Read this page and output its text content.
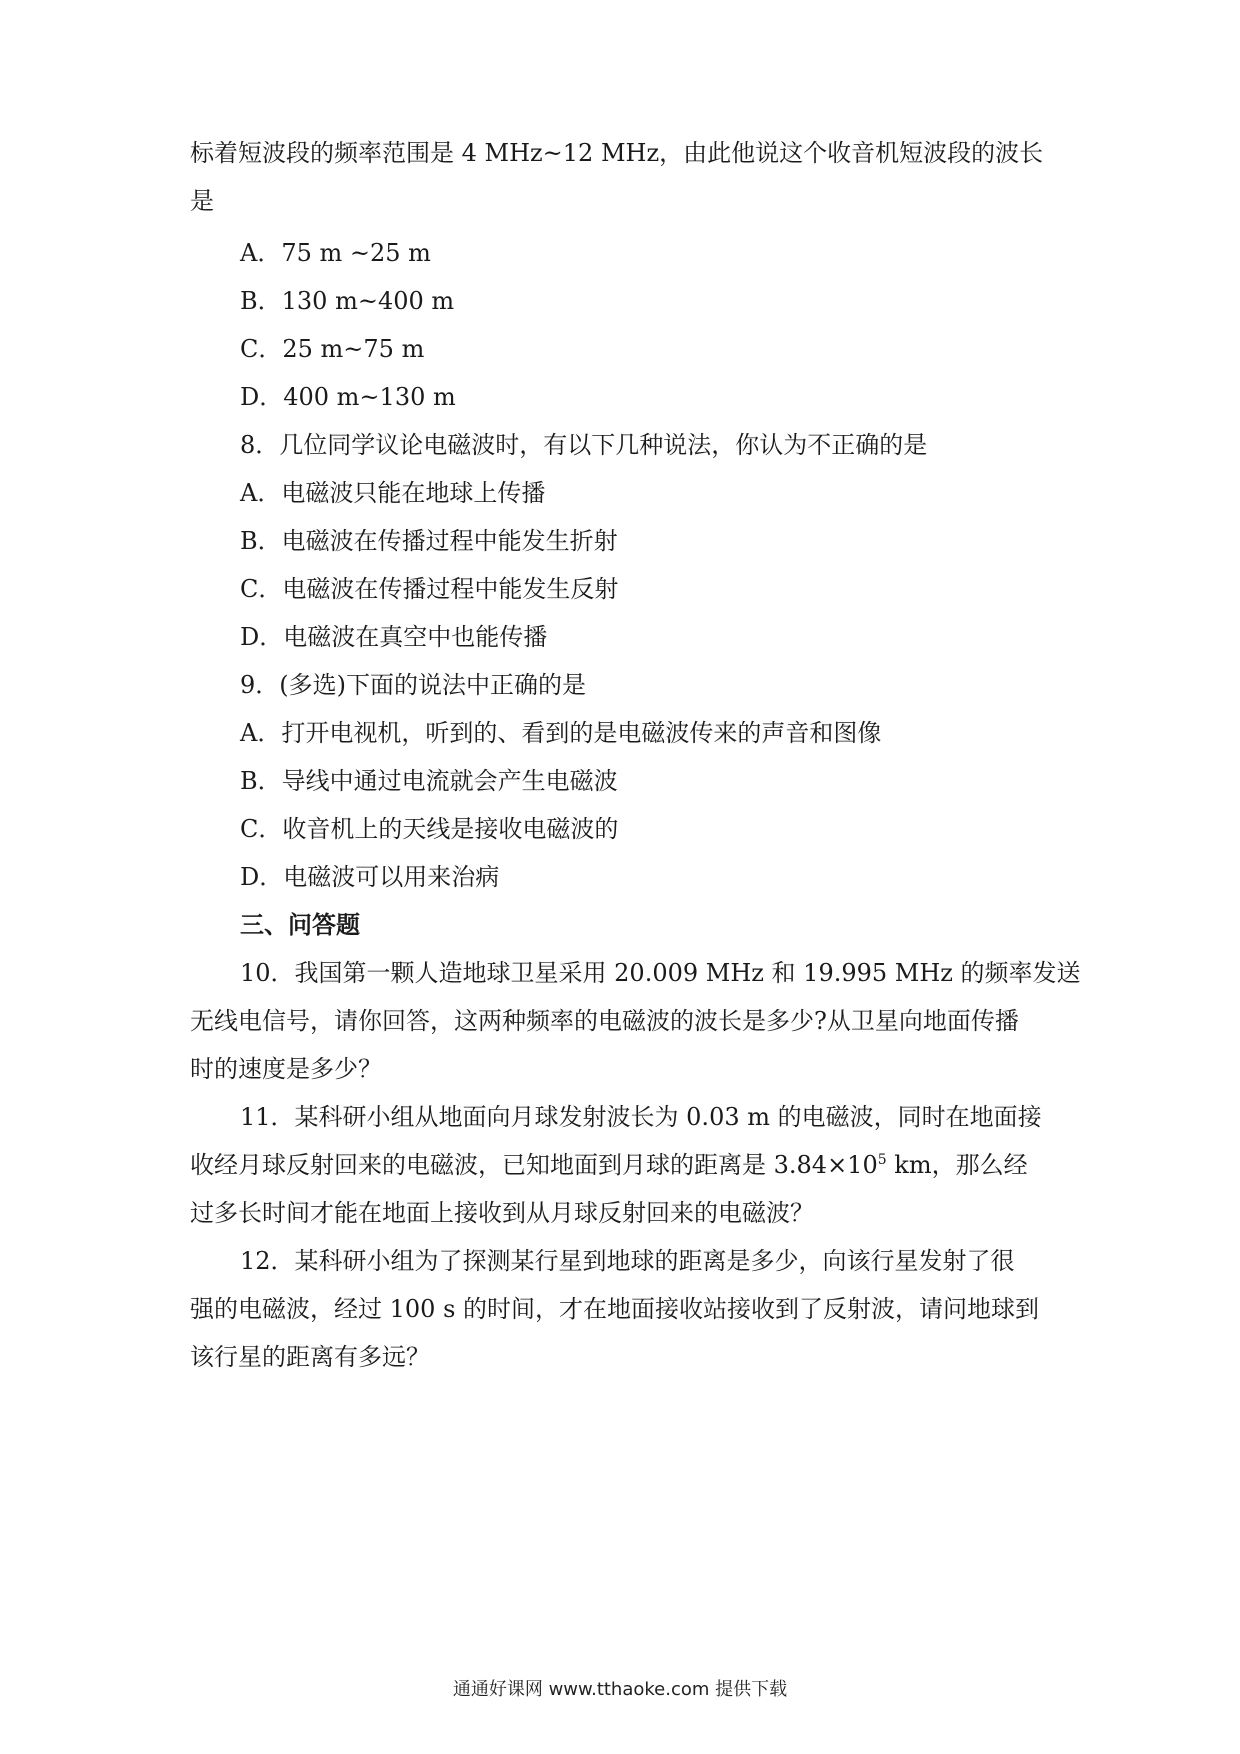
标着短波段的频率范围是 4 MHz~12 MHz，由此他说这个收音机短波段的波长
是
A．75 m ~25 m
B．130 m~400 m
C．25 m~75 m
D．400 m~130 m
8．几位同学议论电磁波时，有以下几种说法，你认为不正确的是
A．电磁波只能在地球上传播
B．电磁波在传播过程中能发生折射
C．电磁波在传播过程中能发生反射
D．电磁波在真空中也能传播
9．(多选)下面的说法中正确的是
A．打开电视机，听到的、看到的是电磁波传来的声音和图像
B．导线中通过电流就会产生电磁波
C．收音机上的天线是接收电磁波的
D．电磁波可以用来治病
三、问答题
10．我国第一颗人造地球卫星采用 20.009 MHz 和 19.995 MHz 的频率发送
无线电信号，请你回答，这两种频率的电磁波的波长是多少?从卫星向地面传播
时的速度是多少？
11．某科研小组从地面向月球发射波长为 0.03 m 的电磁波，同时在地面接
收经月球反射回来的电磁波，已知地面到月球的距离是 $3.84\times 10^5$ km，那么经
过多长时间才能在地面上接收到从月球反射回来的电磁波？
12．某科研小组为了探测某行星到地球的距离是多少，向该行星发射了很
强的电磁波，经过 100 s 的时间，才在地面接收站接收到了反射波，请问地球到
该行星的距离有多远？
通通好课网 www.tthaoke.com 提供下载
